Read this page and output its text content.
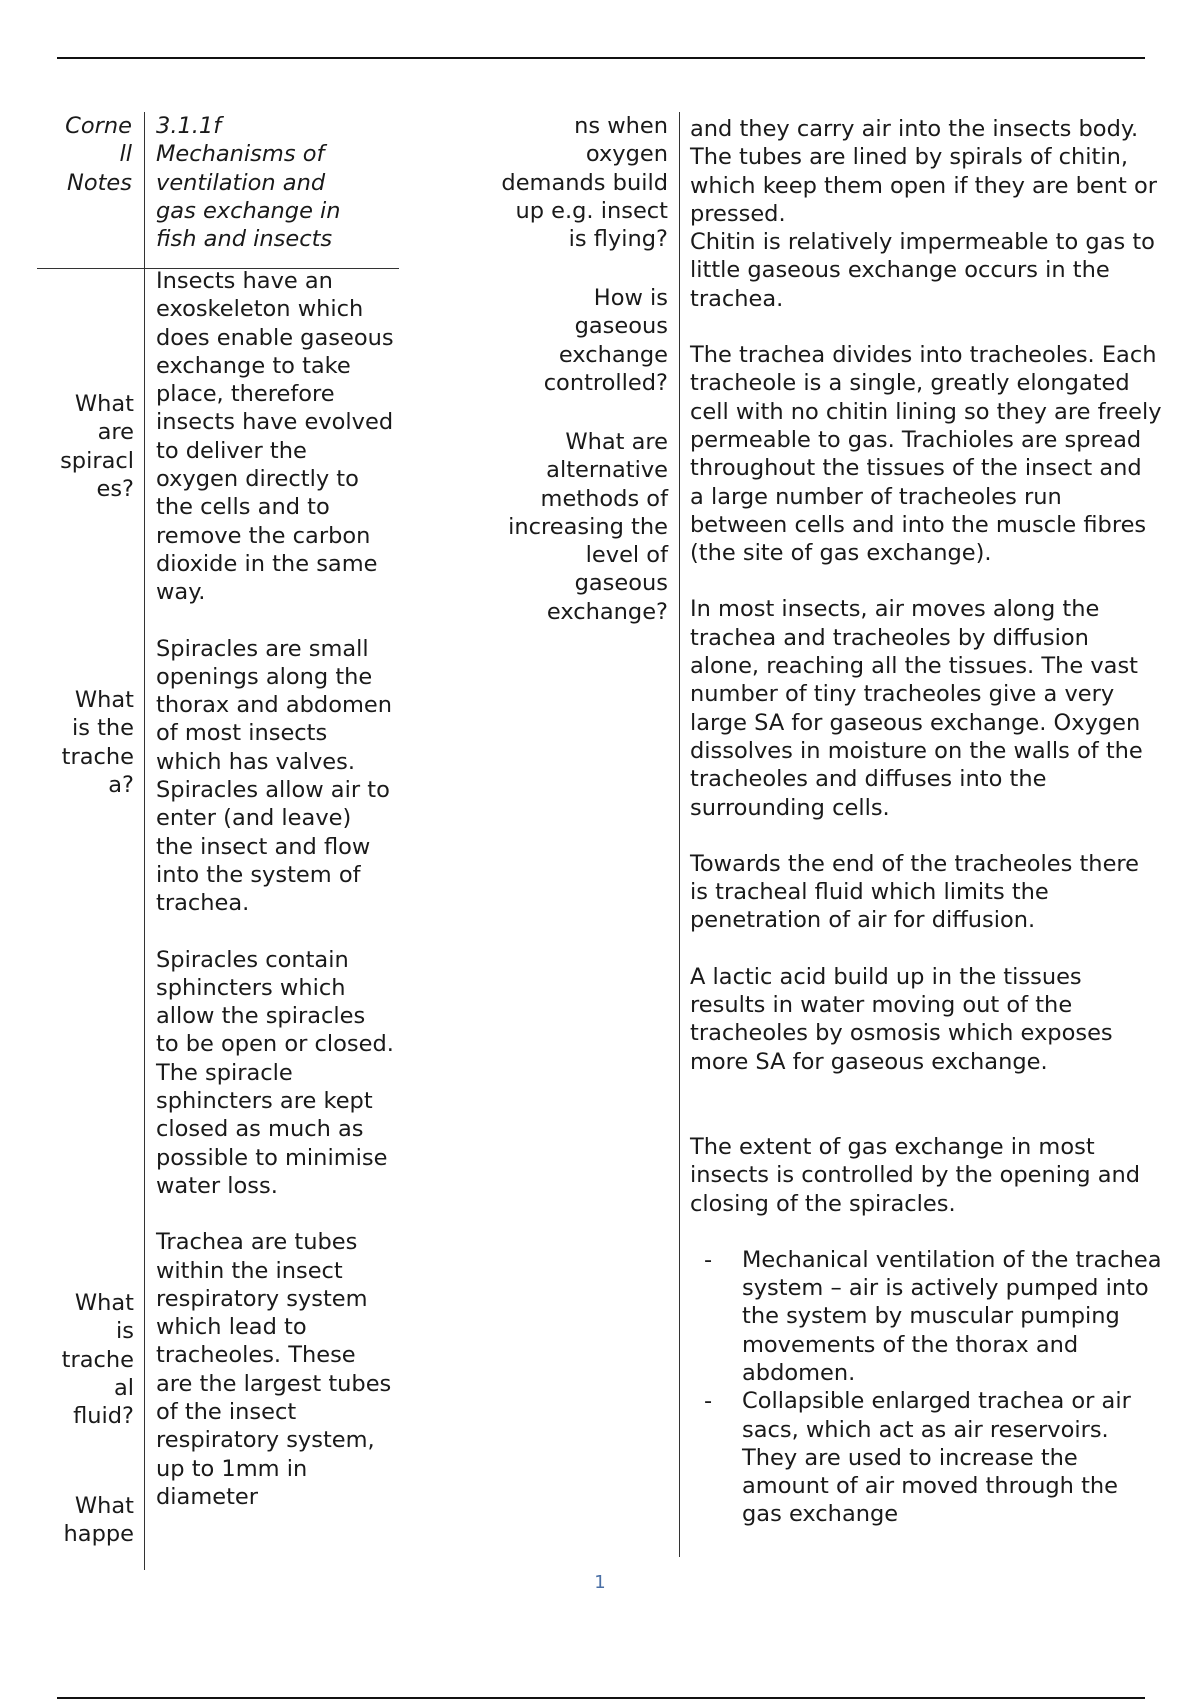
Corne
ll
Notes
3.1.1f
Mechanisms of
ventilation and
gas exchange in
fish and insects
What
are
spiracl
es?
What
is the
trache
a?
What
is
trache
al
fluid?
What
happe

Insects have an exoskeleton which does enable gaseous exchange to take place, therefore insects have evolved to deliver the oxygen directly to the cells and to remove the carbon dioxide in the same way.

Spiracles are small openings along the thorax and abdomen of most insects which has valves. Spiracles allow air to enter (and leave) the insect and flow into the system of trachea.

Spiracles contain sphincters which allow the spiracles to be open or closed. The spiracle sphincters are kept closed as much as possible to minimise water loss.

Trachea are tubes within the insect respiratory system which lead to tracheoles. These are the largest tubes of the insect respiratory system, up to 1mm in diameter

ns when
oxygen
demands build
up e.g. insect
is flying?
How is
gaseous
exchange
controlled?
What are
alternative
methods of
increasing the
level of
gaseous
exchange?

and they carry air into the insects body. The tubes are lined by spirals of chitin, which keep them open if they are bent or pressed.

Chitin is relatively impermeable to gas to little gaseous exchange occurs in the trachea.

The trachea divides into tracheoles. Each tracheole is a single, greatly elongated cell with no chitin lining so they are freely permeable to gas. Trachioles are spread throughout the tissues of the insect and a large number of tracheoles run between cells and into the muscle fibres (the site of gas exchange).

In most insects, air moves along the trachea and tracheoles by diffusion alone, reaching all the tissues. The vast number of tiny tracheoles give a very large SA for gaseous exchange. Oxygen dissolves in moisture on the walls of the tracheoles and diffuses into the surrounding cells.

Towards the end of the tracheoles there is tracheal fluid which limits the penetration of air for diffusion.

A lactic acid build up in the tissues results in water moving out of the tracheoles by osmosis which exposes more SA for gaseous exchange.

The extent of gas exchange in most insects is controlled by the opening and closing of the spiracles.

- Mechanical ventilation of the trachea system – air is actively pumped into the system by muscular pumping movements of the thorax and abdomen.
- Collapsible enlarged trachea or air sacs, which act as air reservoirs. They are used to increase the amount of air moved through the gas exchange
1
